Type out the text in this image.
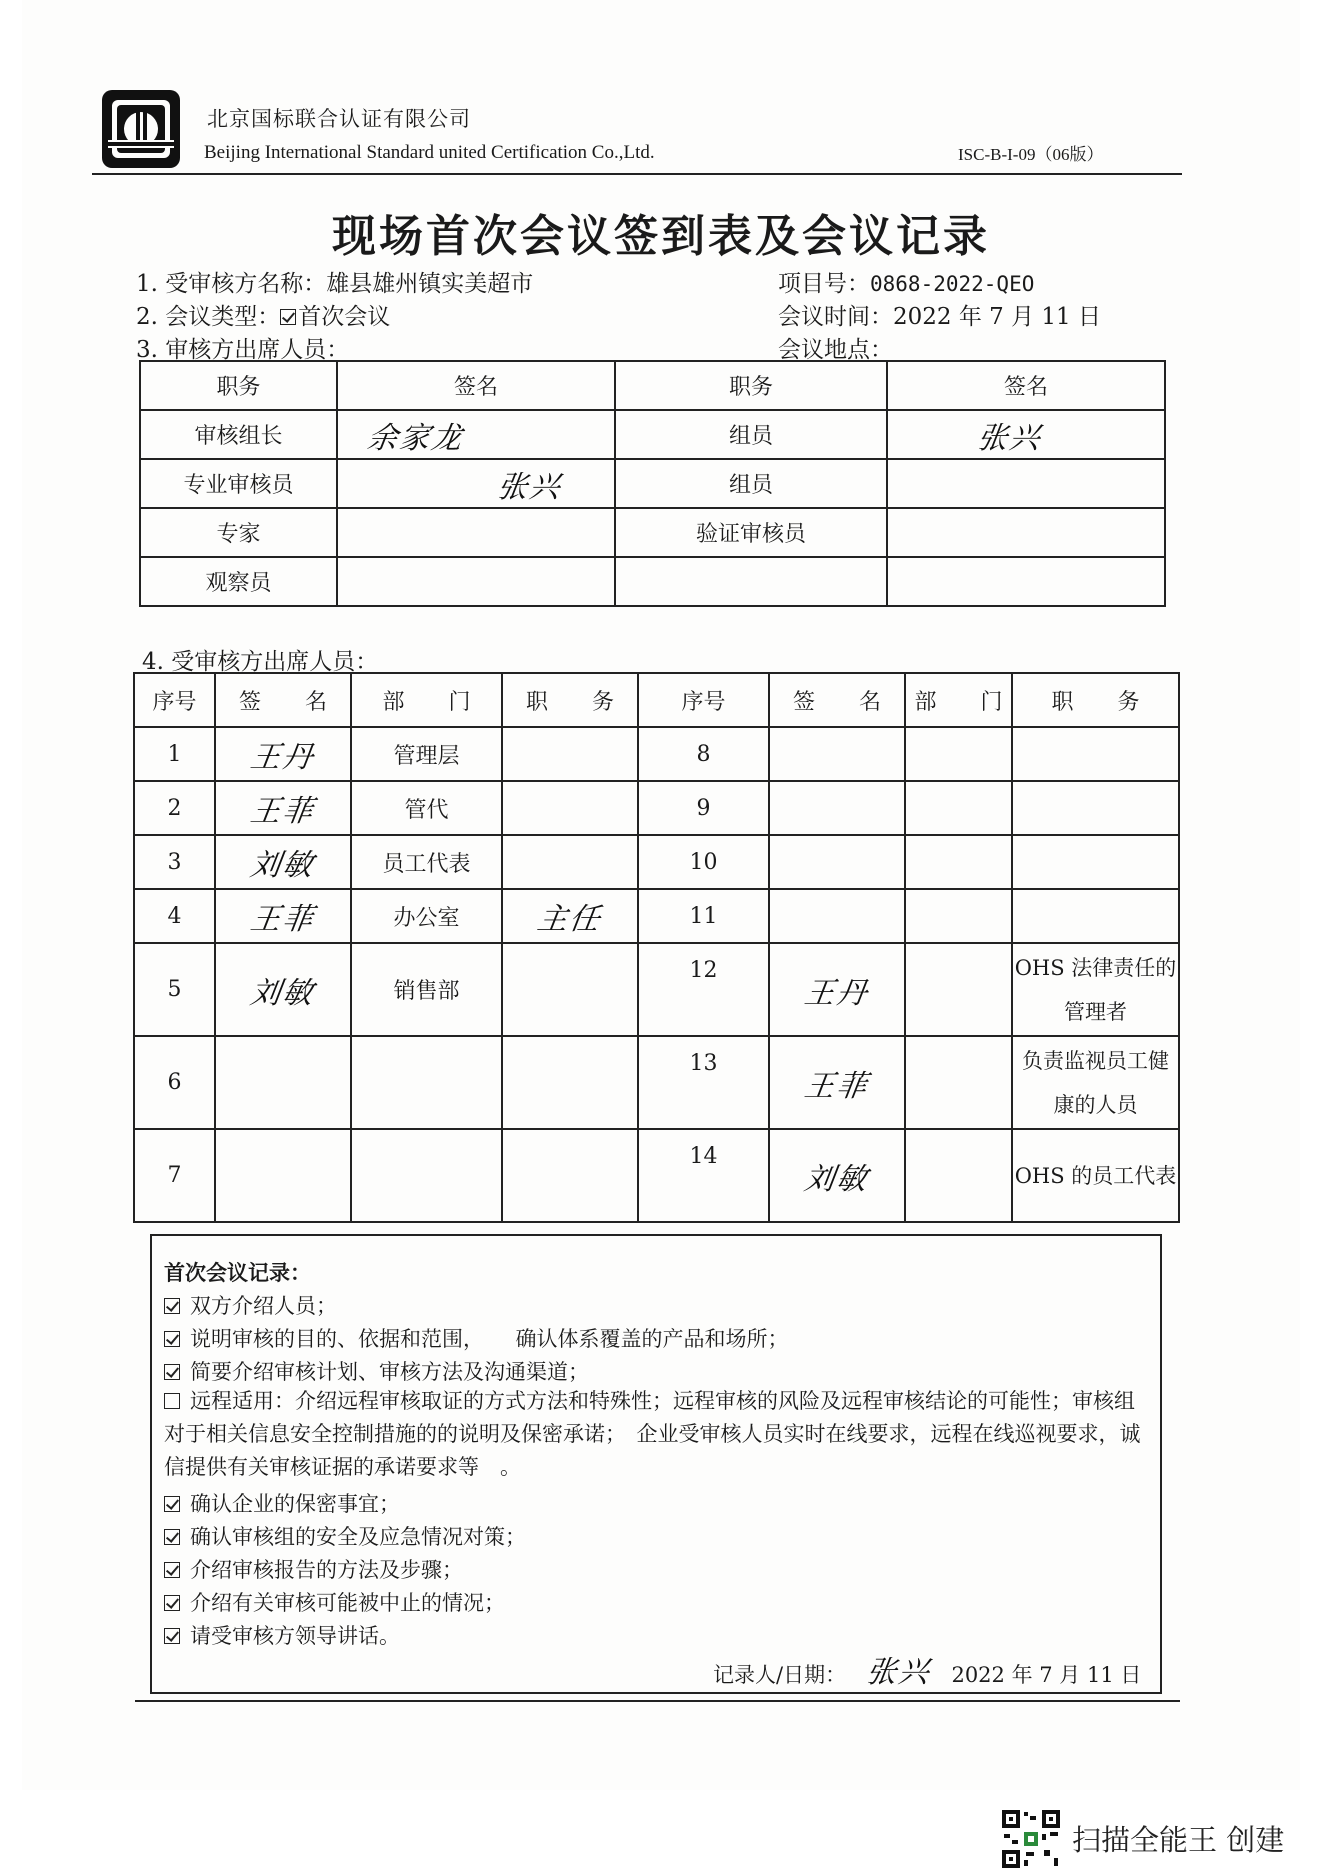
北京国标联合认证有限公司
Beijing International Standard united Certification Co.,Ltd.	ISC-B-I-09（06版）
现场首次会议签到表及会议记录
1. 受审核方名称：雄县雄州镇实美超市	项目号：0868-2022-QEO
2. 会议类型： 首次会议	会议时间：2022 年 7 月 11 日
3. 审核方出席人员：	会议地点：
职务	签名	职务	签名
审核组长	余家龙	组员	张兴
专业审核员	张兴	组员	
专家		验证审核员	
观察员			
4. 受审核方出席人员：
序号	签　　名	部　　门	职　　务	序号	签　　名	部　　门	职　　务
1	王丹	管理层		8			
2	王菲	管代		9			
3	刘敏	员工代表		10			
4	王菲	办公室	主任	11			
5	刘敏	销售部		12	王丹		OHS 法律责任的管理者
6				13	王菲		负责监视员工健康的人员
7				14	刘敏		OHS 的员工代表
首次会议记录：
双方介绍人员；
说明审核的目的、依据和范围，　　确认体系覆盖的产品和场所；
简要介绍审核计划、审核方法及沟通渠道；
远程适用：介绍远程审核取证的方式方法和特殊性；远程审核的风险及远程审核结论的可能性；审核组对于相关信息安全控制措施的的说明及保密承诺；　企业受审核人员实时在线要求，远程在线巡视要求，诚信提供有关审核证据的承诺要求等　。
确认企业的保密事宜；
确认审核组的安全及应急情况对策；
介绍审核报告的方法及步骤；
介绍有关审核可能被中止的情况；
请受审核方领导讲话。
记录人/日期： 张兴 2022 年 7 月 11 日
扫描全能王 创建
